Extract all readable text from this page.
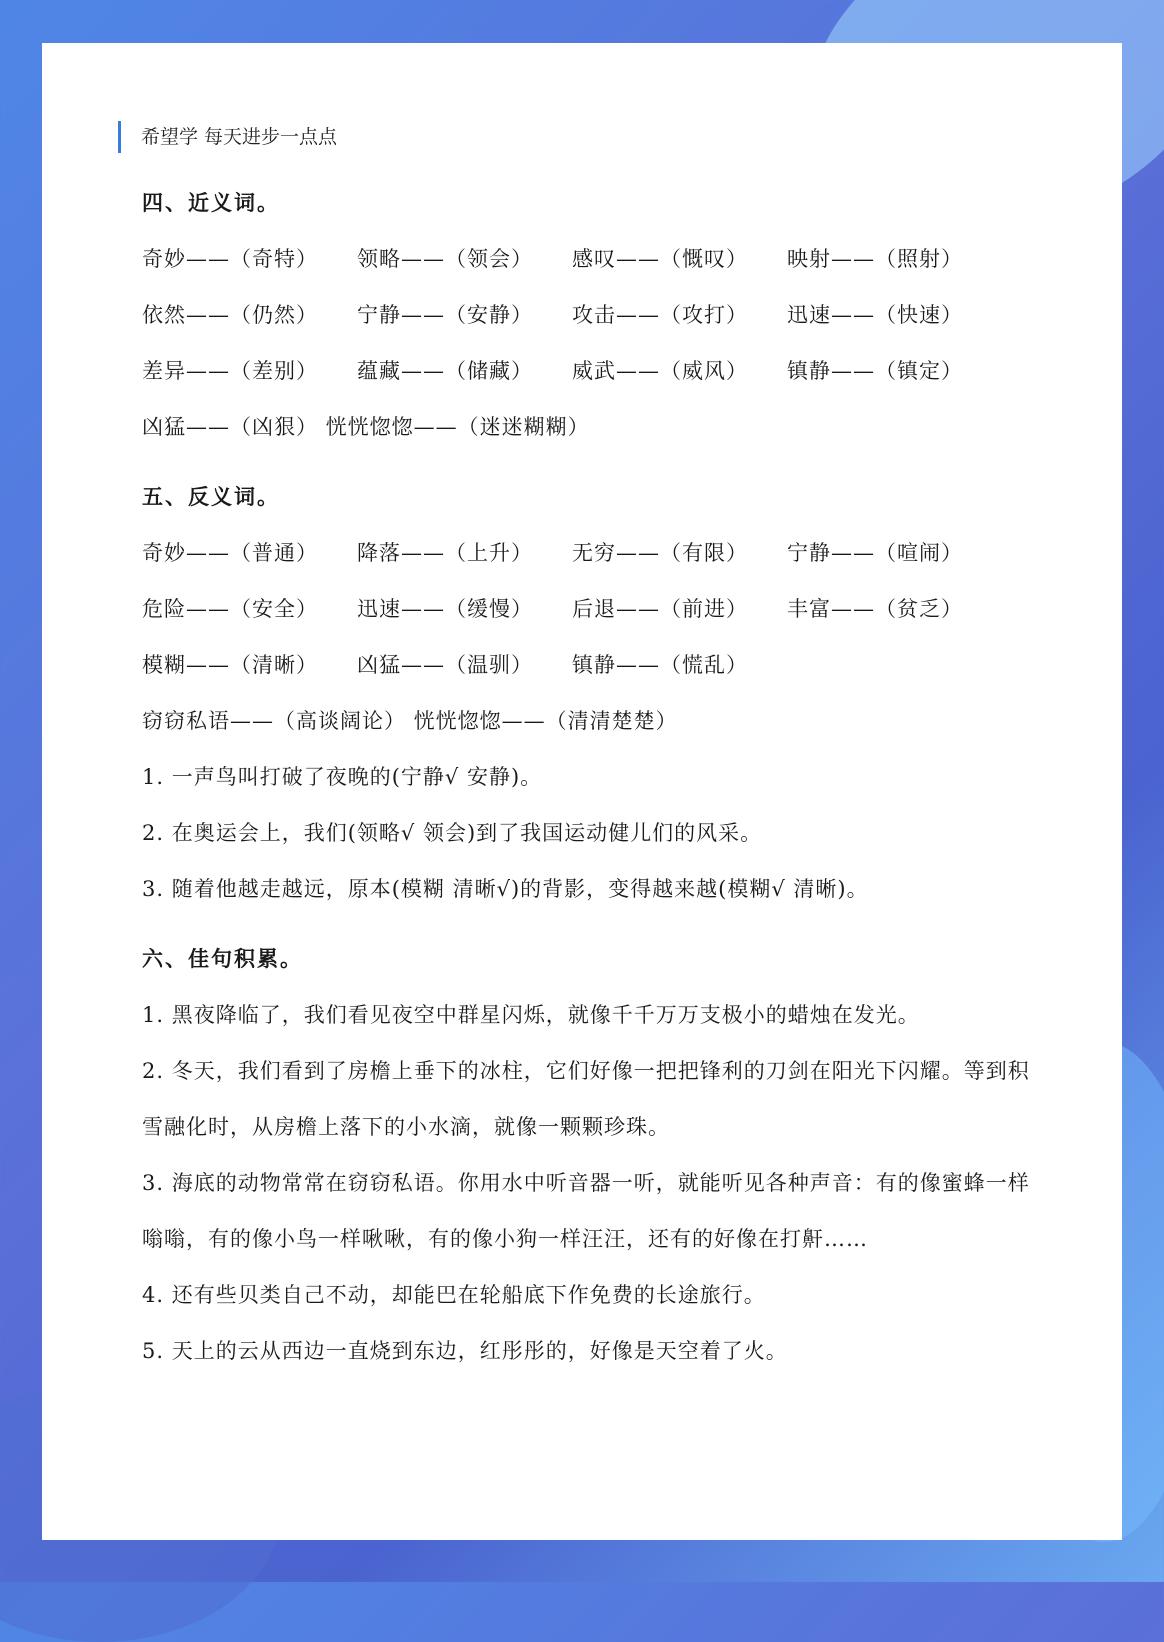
希望学 每天进步一点点
四、近义词。
奇妙——（奇特）	领略——（领会）	感叹——（慨叹）	映射——（照射）
依然——（仍然）	宁静——（安静）	攻击——（攻打）	迅速——（快速）
差异——（差别）	蕴藏——（储藏）	威武——（威风）	镇静——（镇定）
凶猛——（凶狠） 恍恍惚惚——（迷迷糊糊）
五、反义词。
奇妙——（普通）	降落——（上升）	无穷——（有限）	宁静——（喧闹）
危险——（安全）	迅速——（缓慢）	后退——（前进）	丰富——（贫乏）
模糊——（清晰）	凶猛——（温驯）	镇静——（慌乱）
窃窃私语——（高谈阔论） 恍恍惚惚——（清清楚楚）
1. 一声鸟叫打破了夜晚的(宁静√ 安静)。
2. 在奥运会上，我们(领略√ 领会)到了我国运动健儿们的风采。
3. 随着他越走越远，原本(模糊 清晰√)的背影，变得越来越(模糊√ 清晰)。
六、佳句积累。
1. 黑夜降临了，我们看见夜空中群星闪烁，就像千千万万支极小的蜡烛在发光。
2. 冬天，我们看到了房檐上垂下的冰柱，它们好像一把把锋利的刀剑在阳光下闪耀。等到积雪融化时，从房檐上落下的小水滴，就像一颗颗珍珠。
3. 海底的动物常常在窃窃私语。你用水中听音器一听，就能听见各种声音：有的像蜜蜂一样嗡嗡，有的像小鸟一样啾啾，有的像小狗一样汪汪，还有的好像在打鼾……
4. 还有些贝类自己不动，却能巴在轮船底下作免费的长途旅行。
5. 天上的云从西边一直烧到东边，红彤彤的，好像是天空着了火。
